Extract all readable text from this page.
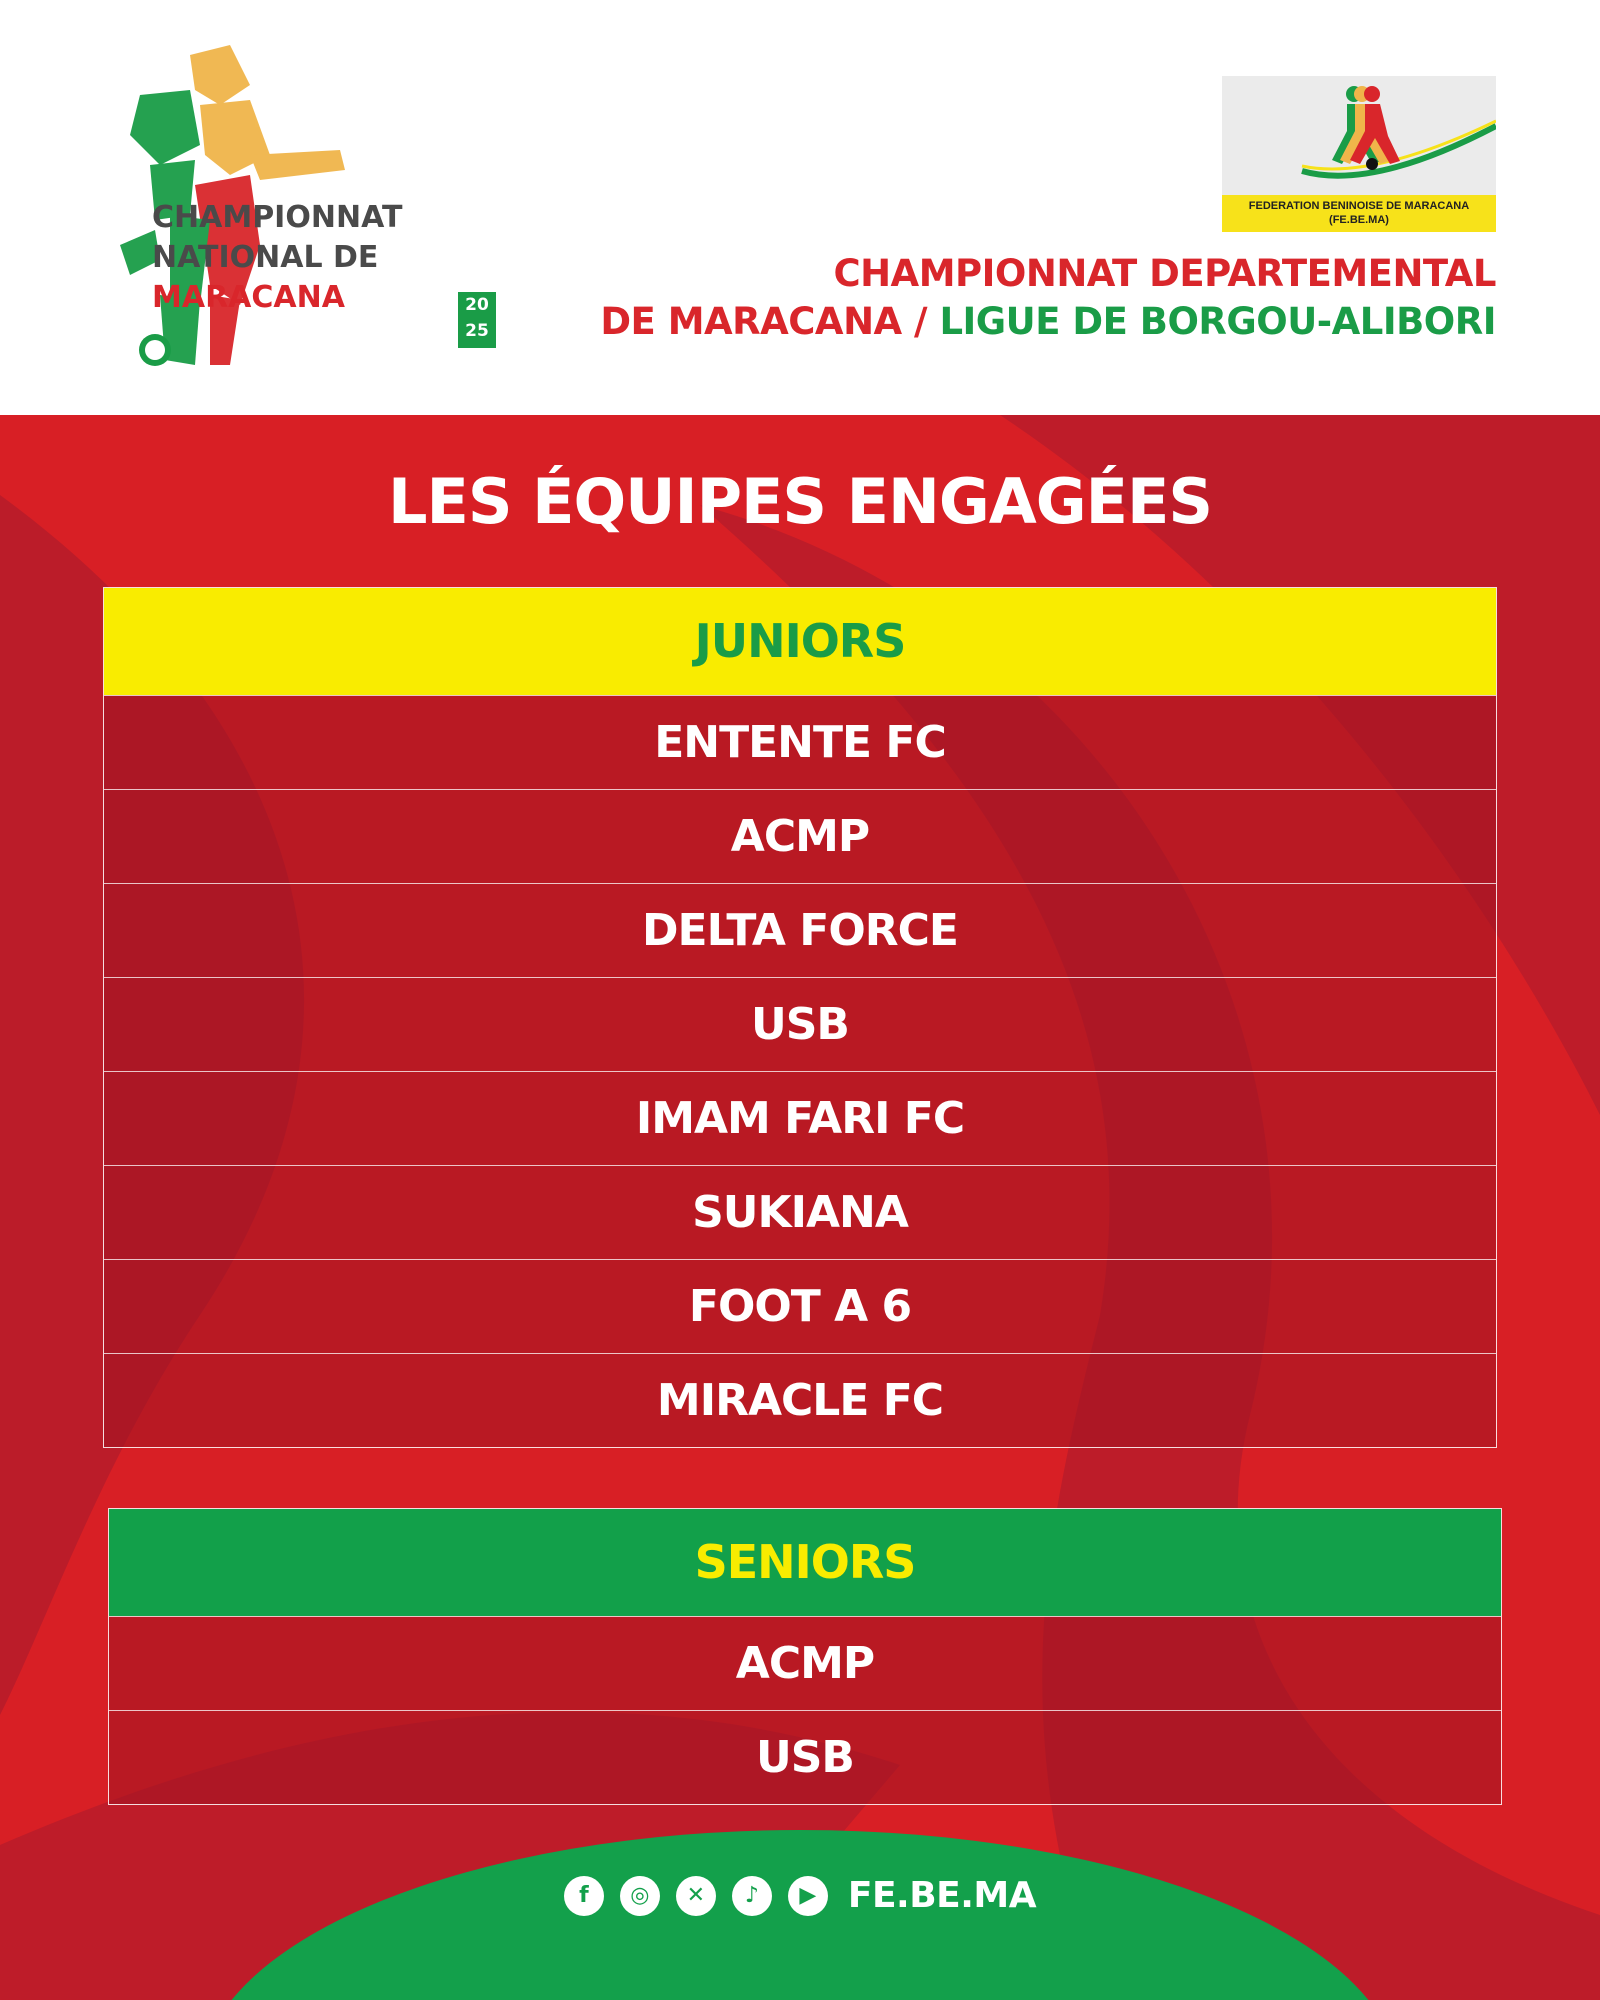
CHAMPIONNAT
NATIONAL DE
MARACANA	20
25
FEDERATION BENINOISE DE MARACANA
(FE.BE.MA)
CHAMPIONNAT DEPARTEMENTAL
DE MARACANA / LIGUE DE BORGOU-ALIBORI
LES ÉQUIPES ENGAGÉES
JUNIORS
ENTENTE FC
ACMP
DELTA FORCE
USB
IMAM FARI FC
SUKIANA
FOOT A 6
MIRACLE FC
SENIORS
ACMP
USB
f	◎	✕	♪	▶ FE.BE.MA
